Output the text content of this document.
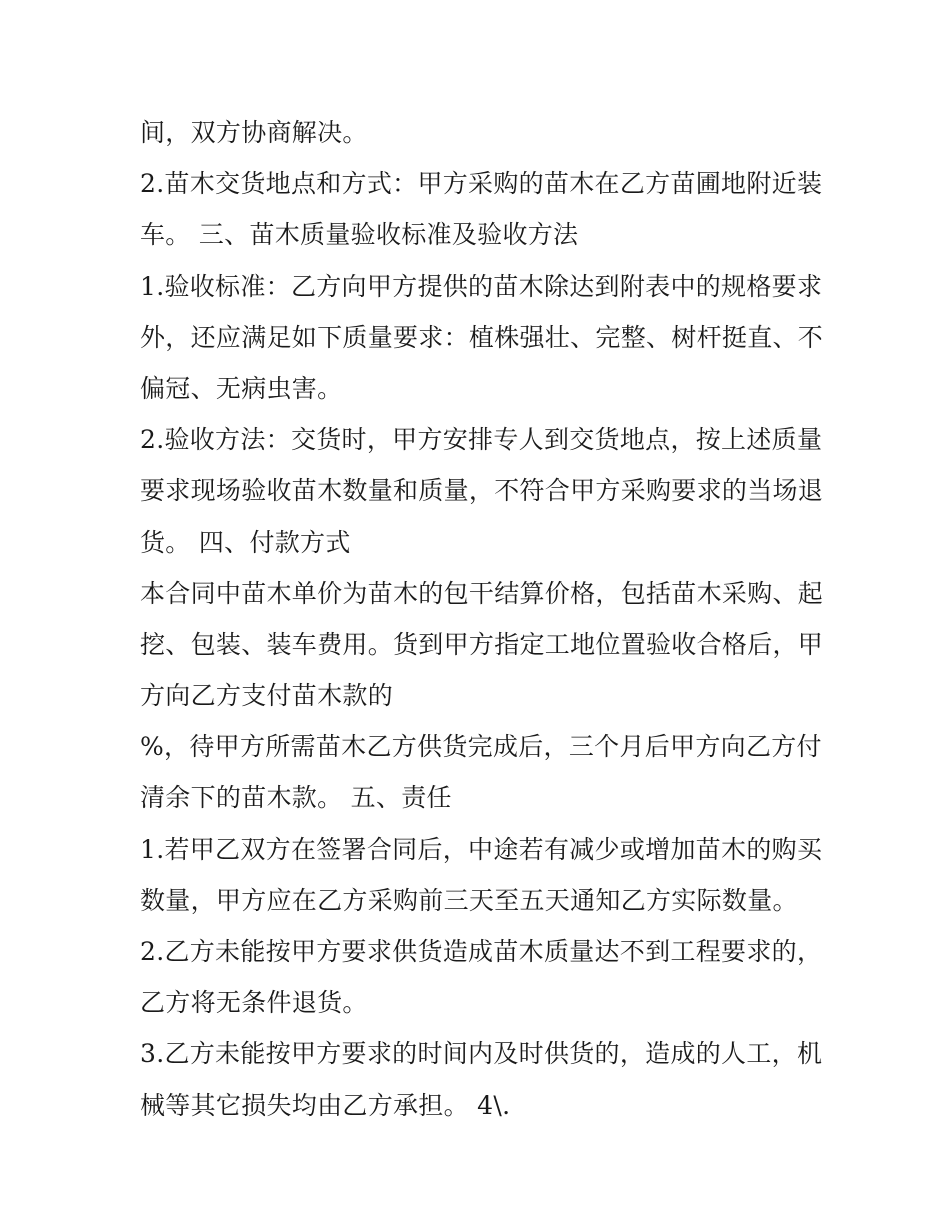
间，双方协商解决。
2.苗木交货地点和方式：甲方采购的苗木在乙方苗圃地附近装
车。 三、苗木质量验收标准及验收方法
1.验收标准：乙方向甲方提供的苗木除达到附表中的规格要求
外，还应满足如下质量要求：植株强壮、完整、树杆挺直、不
偏冠、无病虫害。
2.验收方法：交货时，甲方安排专人到交货地点，按上述质量
要求现场验收苗木数量和质量，不符合甲方采购要求的当场退
货。 四、付款方式
本合同中苗木单价为苗木的包干结算价格，包括苗木采购、起
挖、包装、装车费用。货到甲方指定工地位置验收合格后，甲
方向乙方支付苗木款的
%，待甲方所需苗木乙方供货完成后，三个月后甲方向乙方付
清余下的苗木款。 五、责任
1.若甲乙双方在签署合同后，中途若有减少或增加苗木的购买
数量，甲方应在乙方采购前三天至五天通知乙方实际数量。
2.乙方未能按甲方要求供货造成苗木质量达不到工程要求的，
乙方将无条件退货。
3.乙方未能按甲方要求的时间内及时供货的，造成的人工，机
械等其它损失均由乙方承担。 4\.
